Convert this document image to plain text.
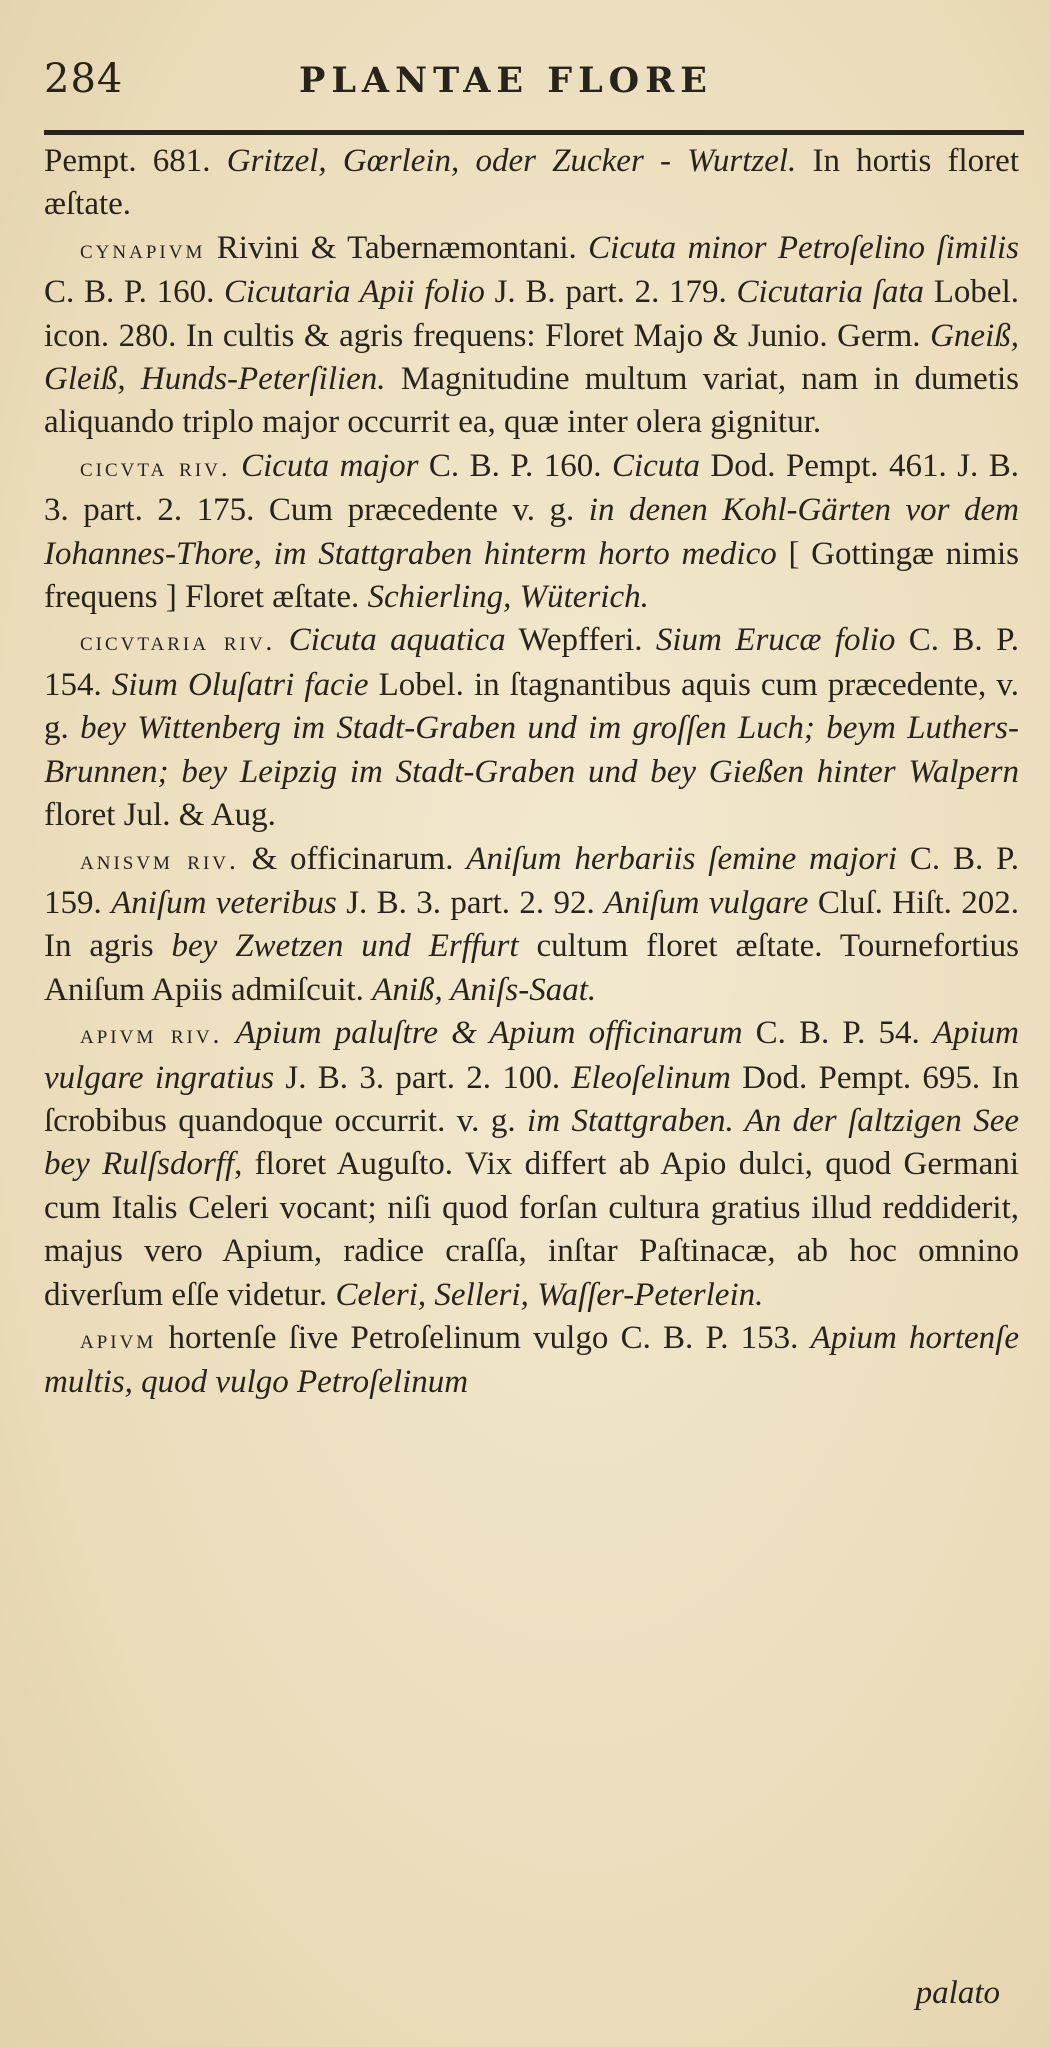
284	PLANTAE FLORE

Pempt. 681. Gritzel, Gœrlein, oder Zucker - Wurtzel. In hortis floret æſtate.

cynapivm Rivini & Tabernæmontani. Cicuta minor Petroſelino ſimilis C. B. P. 160. Cicutaria Apii folio J. B. part. 2. 179. Cicutaria ſata Lobel. icon. 280. In cultis & agris frequens: Floret Majo & Junio. Germ. Gneiß, Gleiß, Hunds-Peterſilien. Magnitudine multum variat, nam in dumetis aliquando triplo major occurrit ea, quæ inter olera gignitur.

cicvta riv. Cicuta major C. B. P. 160. Cicuta Dod. Pempt. 461. J. B. 3. part. 2. 175. Cum præcedente v. g. in denen Kohl-Gärten vor dem Iohannes-Thore, im Stattgraben hinterm horto medico [ Gottingæ nimis frequens ] Floret æſtate. Schierling, Wüterich.

cicvtaria riv. Cicuta aquatica Wepfferi. Sium Erucæ folio C. B. P. 154. Sium Oluſatri facie Lobel. in ſtagnantibus aquis cum præcedente, v. g. bey Wittenberg im Stadt-Graben und im groſſen Luch; beym Luthers-Brunnen; bey Leipzig im Stadt-Graben und bey Gießen hinter Walpern floret Jul. & Aug.

anisvm riv. & officinarum. Aniſum herbariis ſemine majori C. B. P. 159. Aniſum veteribus J. B. 3. part. 2. 92. Aniſum vulgare Cluſ. Hiſt. 202. In agris bey Zwetzen und Erffurt cultum floret æſtate. Tournefortius Aniſum Apiis admiſcuit. Aniß, Aniſs-Saat.

apivm riv. Apium paluſtre & Apium officinarum C. B. P. 54. Apium vulgare ingratius J. B. 3. part. 2. 100. Eleoſelinum Dod. Pempt. 695. In ſcrobibus quandoque occurrit. v. g. im Stattgraben. An der ſaltzigen See bey Rulſsdorff, floret Auguſto. Vix differt ab Apio dulci, quod Germani cum Italis Celeri vocant; niſi quod forſan cultura gratius illud reddiderit, majus vero Apium, radice craſſa, inſtar Paſtinacæ, ab hoc omnino diverſum eſſe videtur. Celeri, Selleri, Waſſer-Peterlein.

apivm hortenſe ſive Petroſelinum vulgo C. B. P. 153. Apium hortenſe multis, quod vulgo Petroſelinum

palato
